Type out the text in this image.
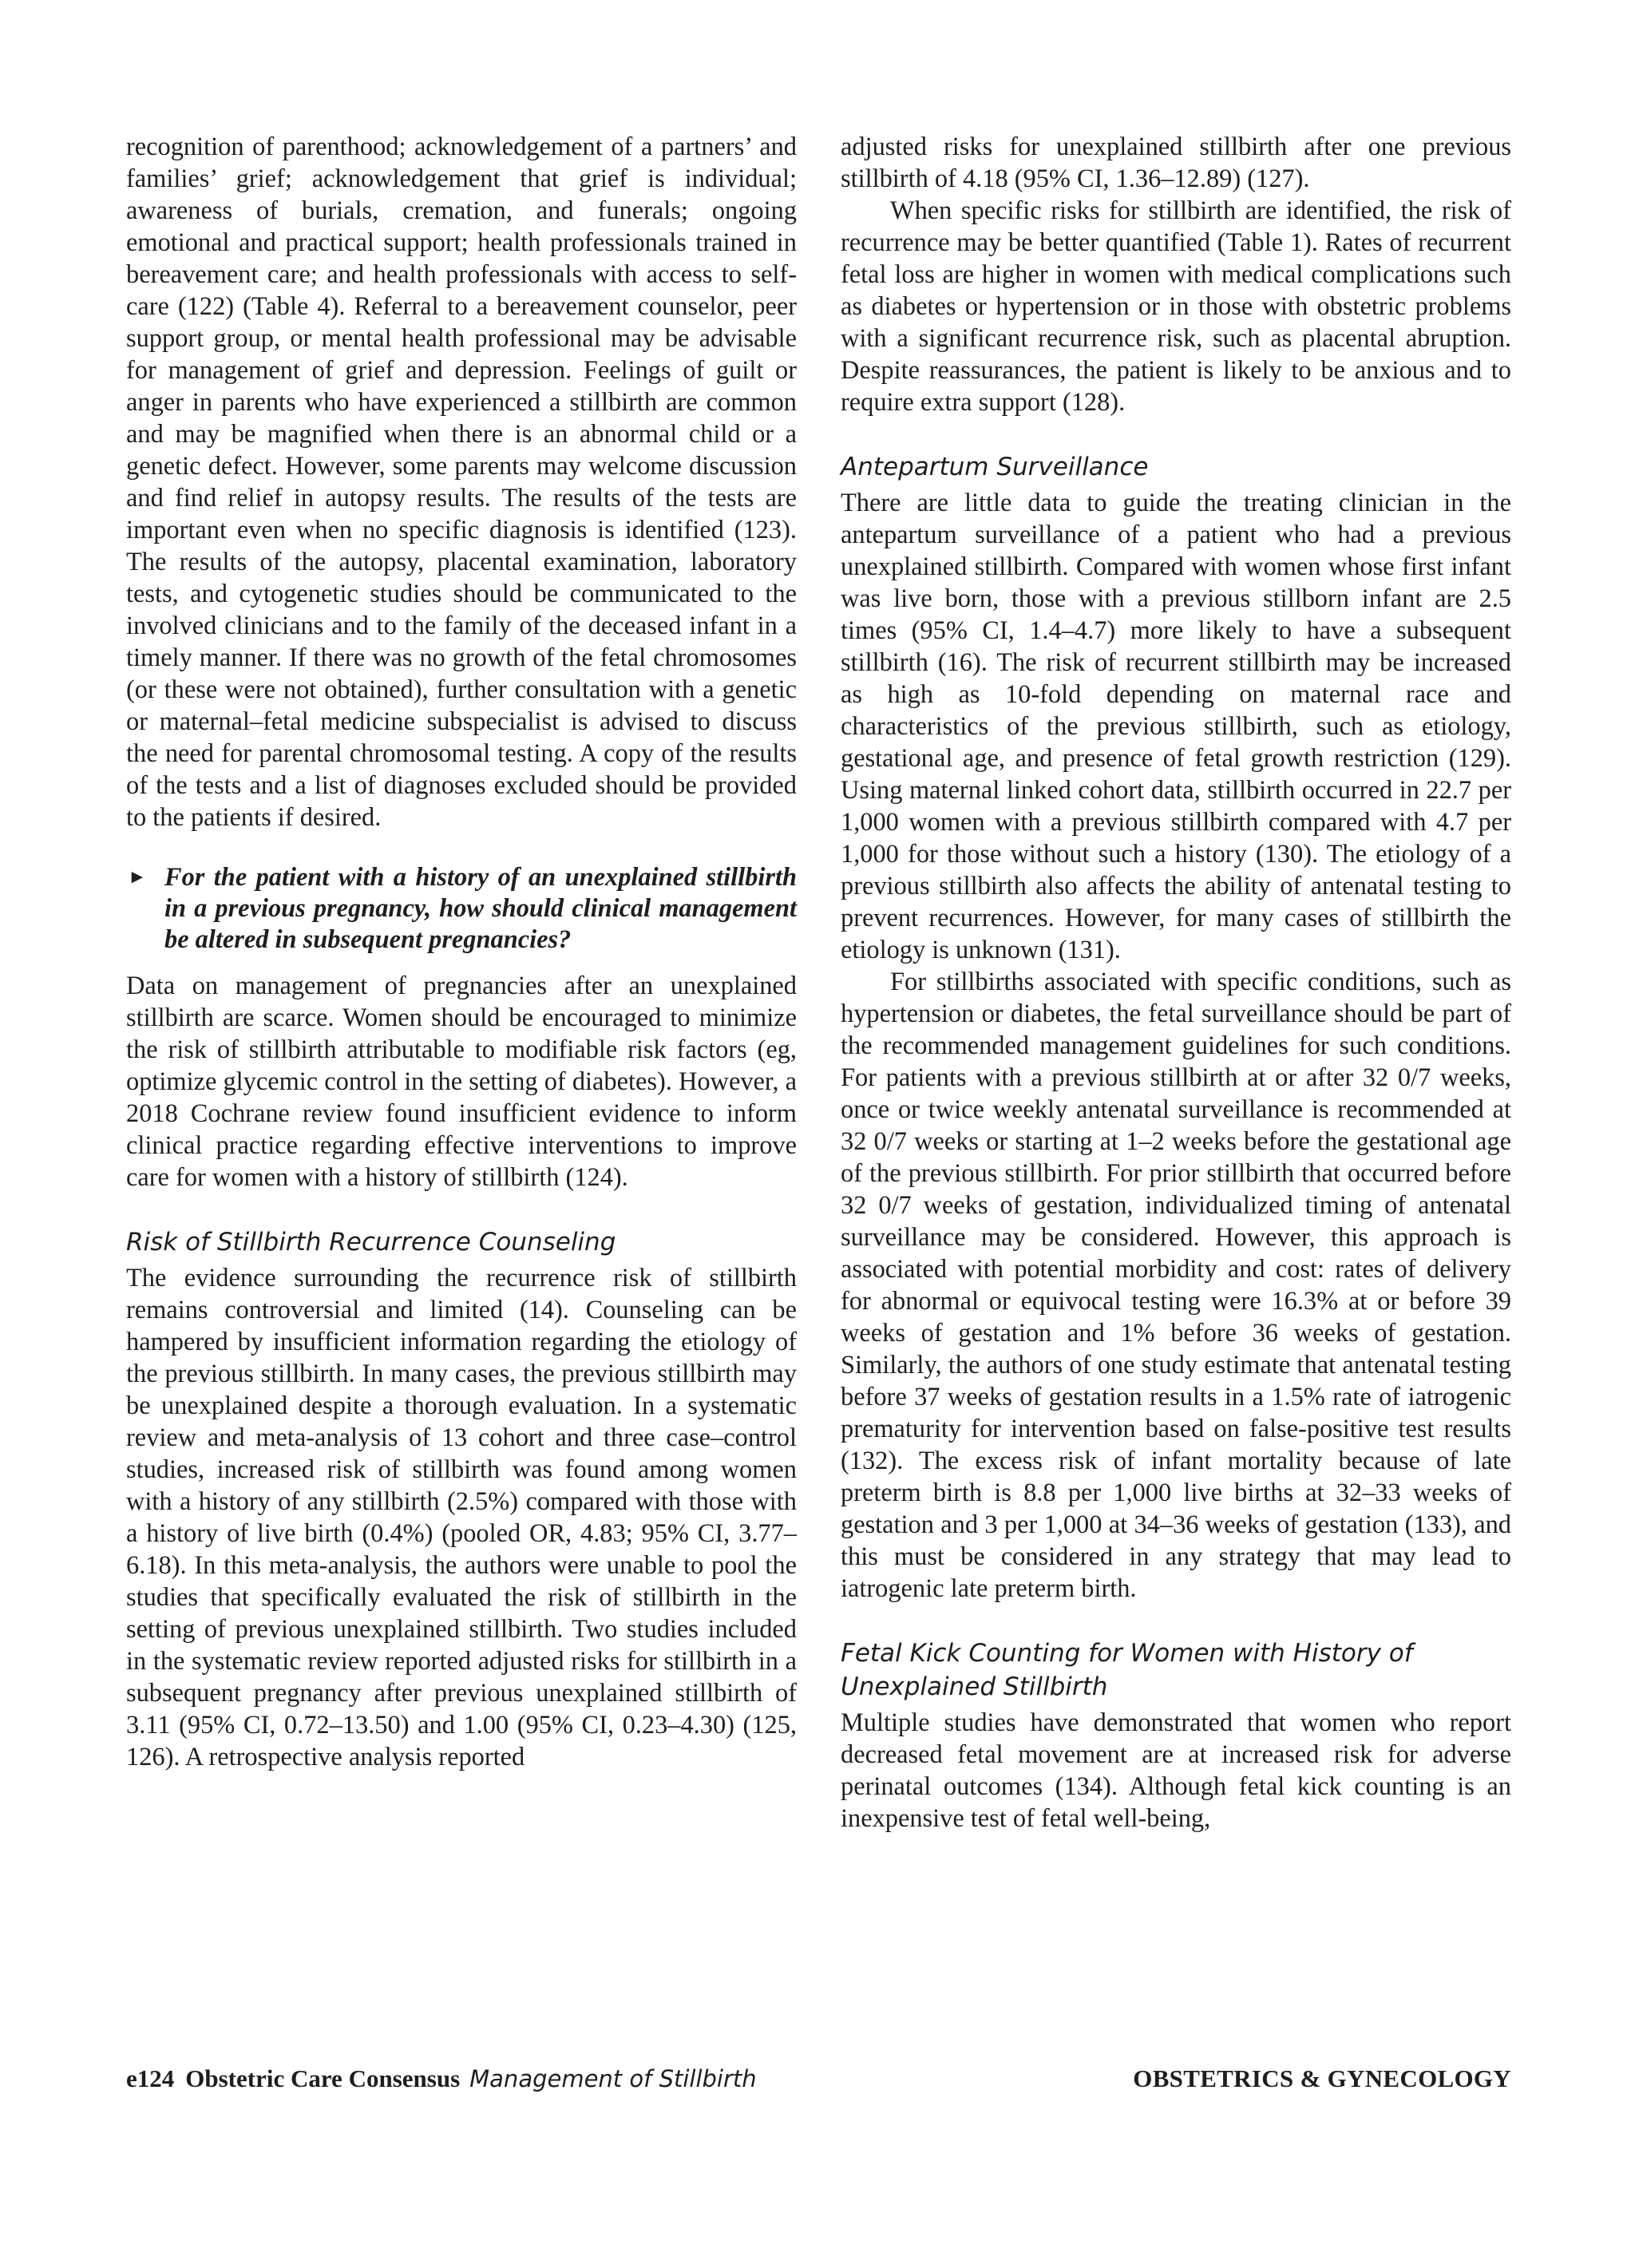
recognition of parenthood; acknowledgement of a partners’ and families’ grief; acknowledgement that grief is individual; awareness of burials, cremation, and funerals; ongoing emotional and practical support; health professionals trained in bereavement care; and health professionals with access to self-care (122) (Table 4). Referral to a bereavement counselor, peer support group, or mental health professional may be advisable for management of grief and depression. Feelings of guilt or anger in parents who have experienced a stillbirth are common and may be magnified when there is an abnormal child or a genetic defect. However, some parents may welcome discussion and find relief in autopsy results. The results of the tests are important even when no specific diagnosis is identified (123). The results of the autopsy, placental examination, laboratory tests, and cytogenetic studies should be communicated to the involved clinicians and to the family of the deceased infant in a timely manner. If there was no growth of the fetal chromosomes (or these were not obtained), further consultation with a genetic or maternal–fetal medicine subspecialist is advised to discuss the need for parental chromosomal testing. A copy of the results of the tests and a list of diagnoses excluded should be provided to the patients if desired.

► For the patient with a history of an unexplained stillbirth in a previous pregnancy, how should clinical management be altered in subsequent pregnancies?

Data on management of pregnancies after an unexplained stillbirth are scarce. Women should be encouraged to minimize the risk of stillbirth attributable to modifiable risk factors (eg, optimize glycemic control in the setting of diabetes). However, a 2018 Cochrane review found insufficient evidence to inform clinical practice regarding effective interventions to improve care for women with a history of stillbirth (124).

Risk of Stillbirth Recurrence Counseling

The evidence surrounding the recurrence risk of stillbirth remains controversial and limited (14). Counseling can be hampered by insufficient information regarding the etiology of the previous stillbirth. In many cases, the previous stillbirth may be unexplained despite a thorough evaluation. In a systematic review and meta-analysis of 13 cohort and three case–control studies, increased risk of stillbirth was found among women with a history of any stillbirth (2.5%) compared with those with a history of live birth (0.4%) (pooled OR, 4.83; 95% CI, 3.77–6.18). In this meta-analysis, the authors were unable to pool the studies that specifically evaluated the risk of stillbirth in the setting of previous unexplained stillbirth. Two studies included in the systematic review reported adjusted risks for stillbirth in a subsequent pregnancy after previous unexplained stillbirth of 3.11 (95% CI, 0.72–13.50) and 1.00 (95% CI, 0.23–4.30) (125, 126). A retrospective analysis reported

adjusted risks for unexplained stillbirth after one previous stillbirth of 4.18 (95% CI, 1.36–12.89) (127).

When specific risks for stillbirth are identified, the risk of recurrence may be better quantified (Table 1). Rates of recurrent fetal loss are higher in women with medical complications such as diabetes or hypertension or in those with obstetric problems with a significant recurrence risk, such as placental abruption. Despite reassurances, the patient is likely to be anxious and to require extra support (128).

Antepartum Surveillance

There are little data to guide the treating clinician in the antepartum surveillance of a patient who had a previous unexplained stillbirth. Compared with women whose first infant was live born, those with a previous stillborn infant are 2.5 times (95% CI, 1.4–4.7) more likely to have a subsequent stillbirth (16). The risk of recurrent stillbirth may be increased as high as 10-fold depending on maternal race and characteristics of the previous stillbirth, such as etiology, gestational age, and presence of fetal growth restriction (129). Using maternal linked cohort data, stillbirth occurred in 22.7 per 1,000 women with a previous stillbirth compared with 4.7 per 1,000 for those without such a history (130). The etiology of a previous stillbirth also affects the ability of antenatal testing to prevent recurrences. However, for many cases of stillbirth the etiology is unknown (131).

For stillbirths associated with specific conditions, such as hypertension or diabetes, the fetal surveillance should be part of the recommended management guidelines for such conditions. For patients with a previous stillbirth at or after 32 0/7 weeks, once or twice weekly antenatal surveillance is recommended at 32 0/7 weeks or starting at 1–2 weeks before the gestational age of the previous stillbirth. For prior stillbirth that occurred before 32 0/7 weeks of gestation, individualized timing of antenatal surveillance may be considered. However, this approach is associated with potential morbidity and cost: rates of delivery for abnormal or equivocal testing were 16.3% at or before 39 weeks of gestation and 1% before 36 weeks of gestation. Similarly, the authors of one study estimate that antenatal testing before 37 weeks of gestation results in a 1.5% rate of iatrogenic prematurity for intervention based on false-positive test results (132). The excess risk of infant mortality because of late preterm birth is 8.8 per 1,000 live births at 32–33 weeks of gestation and 3 per 1,000 at 34–36 weeks of gestation (133), and this must be considered in any strategy that may lead to iatrogenic late preterm birth.

Fetal Kick Counting for Women with History of Unexplained Stillbirth

Multiple studies have demonstrated that women who report decreased fetal movement are at increased risk for adverse perinatal outcomes (134). Although fetal kick counting is an inexpensive test of fetal well-being,

e124 Obstetric Care Consensus Management of Stillbirth	OBSTETRICS & GYNECOLOGY
